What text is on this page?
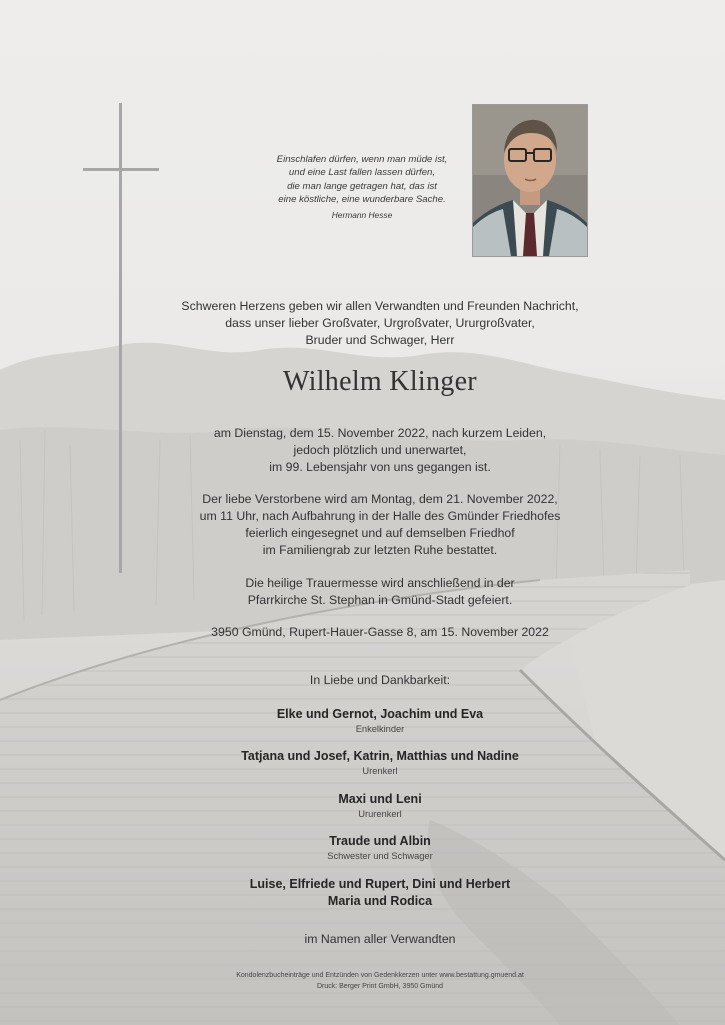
Einschlafen dürfen, wenn man müde ist,
und eine Last fallen lassen dürfen,
die man lange getragen hat, das ist
eine köstliche, eine wunderbare Sache.
Hermann Hesse
Schweren Herzens geben wir allen Verwandten und Freunden Nachricht,
dass unser lieber Großvater, Urgroßvater, Ururgroßvater,
Bruder und Schwager, Herr
Wilhelm Klinger
am Dienstag, dem 15. November 2022, nach kurzem Leiden,
jedoch plötzlich und unerwartet,
im 99. Lebensjahr von uns gegangen ist.
Der liebe Verstorbene wird am Montag, dem 21. November 2022,
um 11 Uhr, nach Aufbahrung in der Halle des Gmünder Friedhofes
feierlich eingesegnet und auf demselben Friedhof
im Familiengrab zur letzten Ruhe bestattet.
Die heilige Trauermesse wird anschließend in der
Pfarrkirche St. Stephan in Gmünd-Stadt gefeiert.
3950 Gmünd, Rupert-Hauer-Gasse 8, am 15. November 2022
In Liebe und Dankbarkeit:
Elke und Gernot, Joachim und Eva
Enkelkinder
Tatjana und Josef, Katrin, Matthias und Nadine
Urenkerl
Maxi und Leni
Ururenkerl
Traude und Albin
Schwester und Schwager
Luise, Elfriede und Rupert, Dini und Herbert
Maria und Rodica
im Namen aller Verwandten
Kondolenzbucheinträge und Entzünden von Gedenkkerzen unter www.bestattung.gmuend.at
Druck: Berger Print GmbH, 3950 Gmünd
